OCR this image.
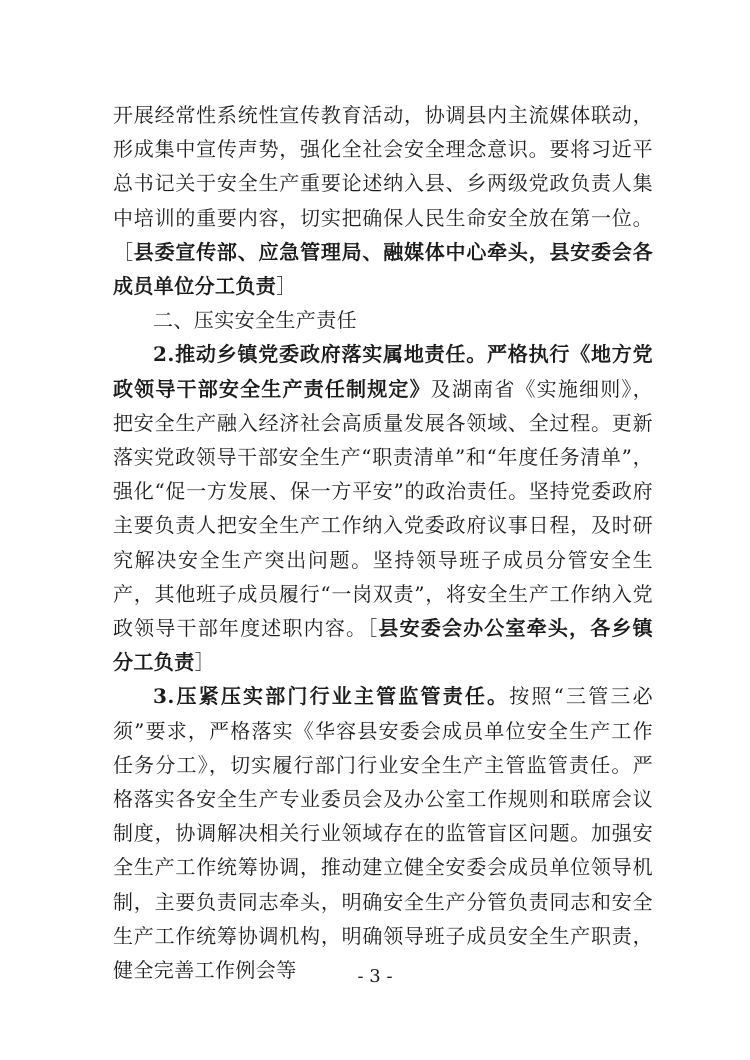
开展经常性系统性宣传教育活动，协调县内主流媒体联动，形成集中宣传声势，强化全社会安全理念意识。要将习近平总书记关于安全生产重要论述纳入县、乡两级党政负责人集中培训的重要内容，切实把确保人民生命安全放在第一位。［县委宣传部、应急管理局、融媒体中心牵头，县安委会各成员单位分工负责］

二、压实安全生产责任

2.推动乡镇党委政府落实属地责任。严格执行《地方党政领导干部安全生产责任制规定》及湖南省《实施细则》，把安全生产融入经济社会高质量发展各领域、全过程。更新落实党政领导干部安全生产“职责清单”和“年度任务清单”，强化“促一方发展、保一方平安”的政治责任。坚持党委政府主要负责人把安全生产工作纳入党委政府议事日程，及时研究解决安全生产突出问题。坚持领导班子成员分管安全生产，其他班子成员履行“一岗双责”，将安全生产工作纳入党政领导干部年度述职内容。［县安委会办公室牵头，各乡镇分工负责］

3.压紧压实部门行业主管监管责任。按照“三管三必须”要求，严格落实《华容县安委会成员单位安全生产工作任务分工》，切实履行部门行业安全生产主管监管责任。严格落实各安全生产专业委员会及办公室工作规则和联席会议制度，协调解决相关行业领域存在的监管盲区问题。加强安全生产工作统筹协调，推动建立健全安委会成员单位领导机制，主要负责同志牵头，明确安全生产分管负责同志和安全生产工作统筹协调机构，明确领导班子成员安全生产职责，健全完善工作例会等	- 3 -
